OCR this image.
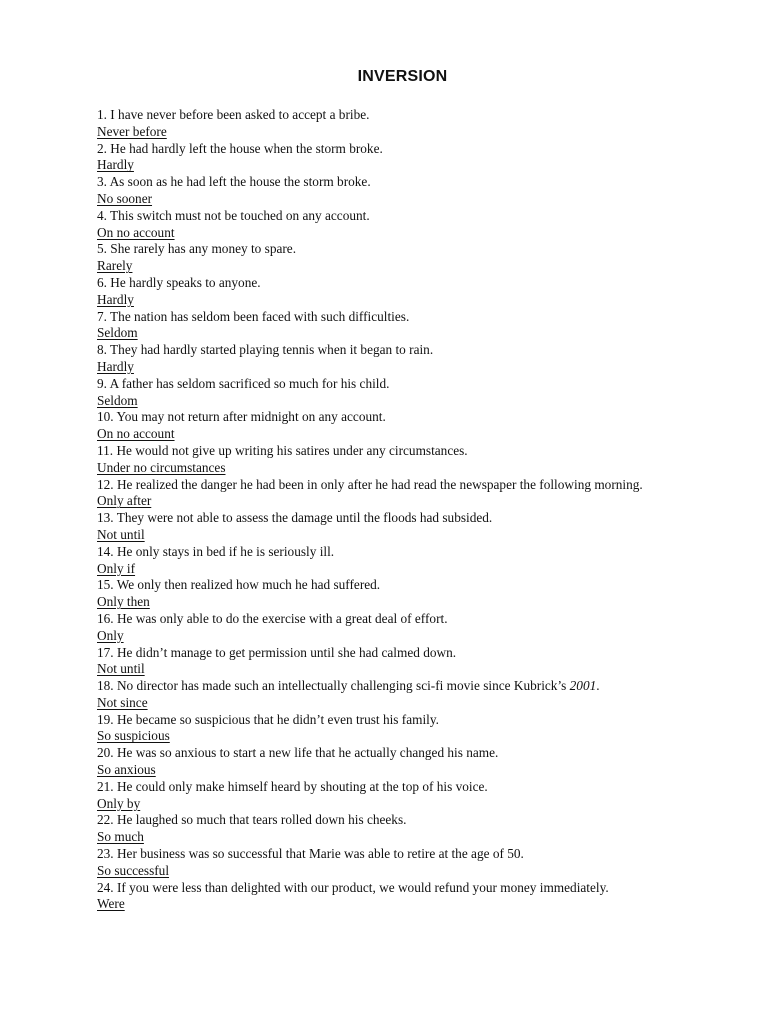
INVERSION
1. I have never before been asked to accept a bribe.
Never before
2. He had hardly left the house when the storm broke.
Hardly
3. As soon as he had left the house the storm broke.
No sooner
4. This switch must not be touched on any account.
On no account
5. She rarely has any money to spare.
Rarely
6. He hardly speaks to anyone.
Hardly
7. The nation has seldom been faced with such difficulties.
Seldom
8. They had hardly started playing tennis when it began to rain.
Hardly
9. A father has seldom sacrificed so much for his child.
Seldom
10. You may not return after midnight on any account.
On no account
11. He would not give up writing his satires under any circumstances.
Under no circumstances
12. He realized the danger he had been in only after he had read the newspaper the following morning.
Only after
13. They were not able to assess the damage until the floods had subsided.
Not until
14. He only stays in bed if he is seriously ill.
Only if
15. We only then realized how much he had suffered.
Only then
16. He was only able to do the exercise with a great deal of effort.
Only
17. He didn’t manage to get permission until she had calmed down.
Not until
18. No director has made such an intellectually challenging sci-fi movie since Kubrick’s 2001.
Not since
19. He became so suspicious that he didn’t even trust his family.
So suspicious
20. He was so anxious to start a new life that he actually changed his name.
So anxious
21. He could only make himself heard by shouting at the top of his voice.
Only by
22. He laughed so much that tears rolled down his cheeks.
So much
23. Her business was so successful that Marie was able to retire at the age of 50.
So successful
24. If you were less than delighted with our product, we would refund your money immediately.
Were
